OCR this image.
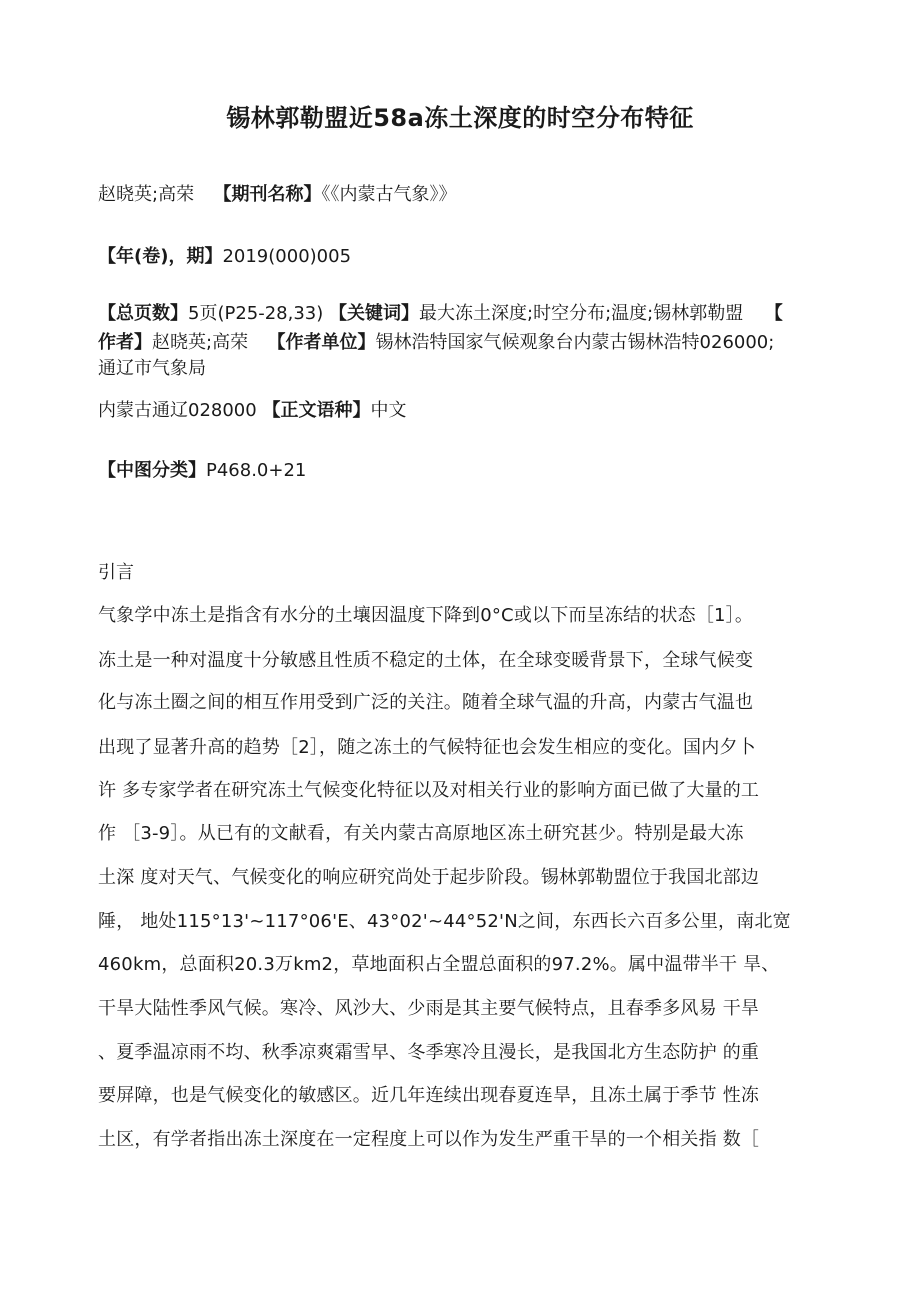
锡林郭勒盟近58a冻土深度的时空分布特征
赵晓英;高荣 【期刊名称】《《内蒙古气象》》
【年(卷)，期】2019(000)005
【总页数】5页(P25-28,33) 【关键词】最大冻土深度;时空分布;温度;锡林郭勒盟 【
作者】赵晓英;高荣 【作者单位】锡林浩特国家气候观象台内蒙古锡林浩特026000;
通辽市气象局
内蒙古通辽028000 【正文语种】中文
【中图分类】P468.0+21
引言
气象学中冻土是指含有水分的土壤因温度下降到0°C或以下而呈冻结的状态［1］。
冻土是一种对温度十分敏感且性质不稳定的土体，在全球变暖背景下，全球气候变
化与冻土圈之间的相互作用受到广泛的关注。随着全球气温的升高，内蒙古气温也
出现了显著升高的趋势［2］，随之冻土的气候特征也会发生相应的变化。国内夕卜
许 多专家学者在研究冻土气候变化特征以及对相关行业的影响方面已做了大量的工
作 ［3-9］。从已有的文献看，有关内蒙古高原地区冻土研究甚少。特别是最大冻
土深 度对天气、气候变化的响应研究尚处于起步阶段。锡林郭勒盟位于我国北部边
陲， 地处115°13'~117°06'E、43°02'~44°52'N之间，东西长六百多公里，南北宽
460km，总面积20.3万km2，草地面积占全盟总面积的97.2%。属中温带半干 旱、
干旱大陆性季风气候。寒冷、风沙大、少雨是其主要气候特点，且春季多风易 干旱
、夏季温凉雨不均、秋季凉爽霜雪早、冬季寒冷且漫长，是我国北方生态防护 的重
要屏障，也是气候变化的敏感区。近几年连续出现春夏连旱，且冻土属于季节 性冻
土区，有学者指出冻土深度在一定程度上可以作为发生严重干旱的一个相关指 数［
